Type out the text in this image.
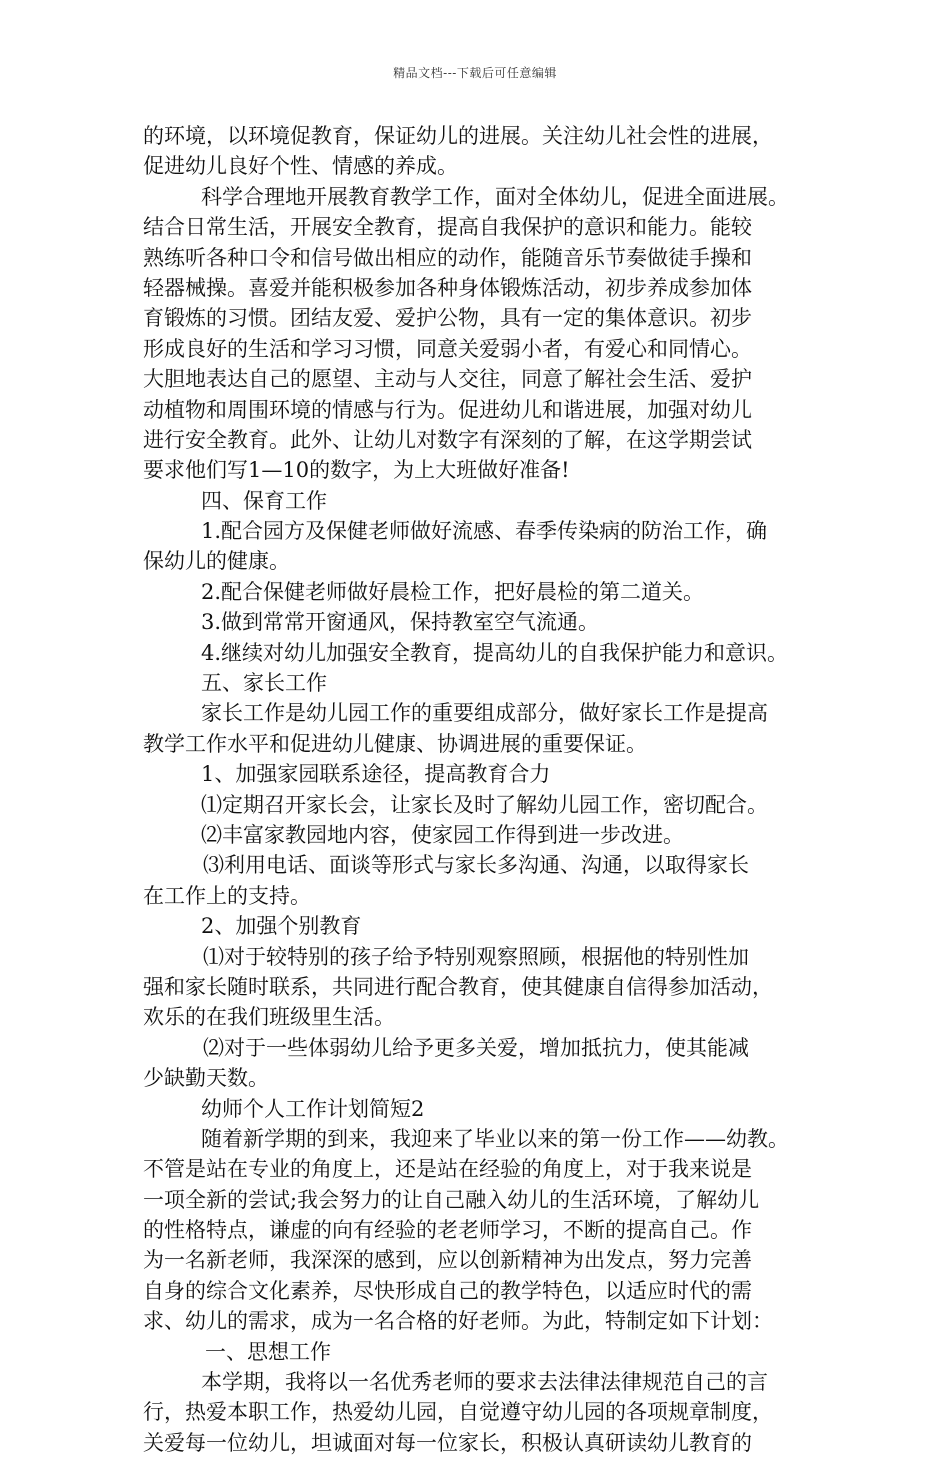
精品文档---下载后可任意编辑
的环境，以环境促教育，保证幼儿的进展。关注幼儿社会性的进展，
促进幼儿良好个性、情感的养成。
科学合理地开展教育教学工作，面对全体幼儿，促进全面进展。
结合日常生活，开展安全教育，提高自我保护的意识和能力。能较
熟练听各种口令和信号做出相应的动作，能随音乐节奏做徒手操和
轻器械操。喜爱并能积极参加各种身体锻炼活动，初步养成参加体
育锻炼的习惯。团结友爱、爱护公物，具有一定的集体意识。初步
形成良好的生活和学习习惯，同意关爱弱小者，有爱心和同情心。
大胆地表达自己的愿望、主动与人交往，同意了解社会生活、爱护
动植物和周围环境的情感与行为。促进幼儿和谐进展，加强对幼儿
进行安全教育。此外、让幼儿对数字有深刻的了解，在这学期尝试
要求他们写1—10的数字，为上大班做好准备!
四、保育工作
1.配合园方及保健老师做好流感、春季传染病的防治工作，确
保幼儿的健康。
2.配合保健老师做好晨检工作，把好晨检的第二道关。
3.做到常常开窗通风，保持教室空气流通。
4.继续对幼儿加强安全教育，提高幼儿的自我保护能力和意识。
五、家长工作
家长工作是幼儿园工作的重要组成部分，做好家长工作是提高
教学工作水平和促进幼儿健康、协调进展的重要保证。
1、加强家园联系途径，提高教育合力
⑴定期召开家长会，让家长及时了解幼儿园工作，密切配合。
⑵丰富家教园地内容，使家园工作得到进一步改进。
⑶利用电话、面谈等形式与家长多沟通、沟通，以取得家长
在工作上的支持。
2、加强个别教育
⑴对于较特别的孩子给予特别观察照顾，根据他的特别性加
强和家长随时联系，共同进行配合教育，使其健康自信得参加活动，
欢乐的在我们班级里生活。
⑵对于一些体弱幼儿给予更多关爱，增加抵抗力，使其能减
少缺勤天数。
幼师个人工作计划简短2
随着新学期的到来，我迎来了毕业以来的第一份工作——幼教。
不管是站在专业的角度上，还是站在经验的角度上，对于我来说是
一项全新的尝试;我会努力的让自己融入幼儿的生活环境，了解幼儿
的性格特点，谦虚的向有经验的老老师学习，不断的提高自己。作
为一名新老师，我深深的感到，应以创新精神为出发点，努力完善
自身的综合文化素养，尽快形成自己的教学特色，以适应时代的需
求、幼儿的需求，成为一名合格的好老师。为此，特制定如下计划：
一、思想工作
本学期，我将以一名优秀老师的要求去法律法律规范自己的言
行，热爱本职工作，热爱幼儿园，自觉遵守幼儿园的各项规章制度，
关爱每一位幼儿，坦诚面对每一位家长，积极认真研读幼儿教育的
